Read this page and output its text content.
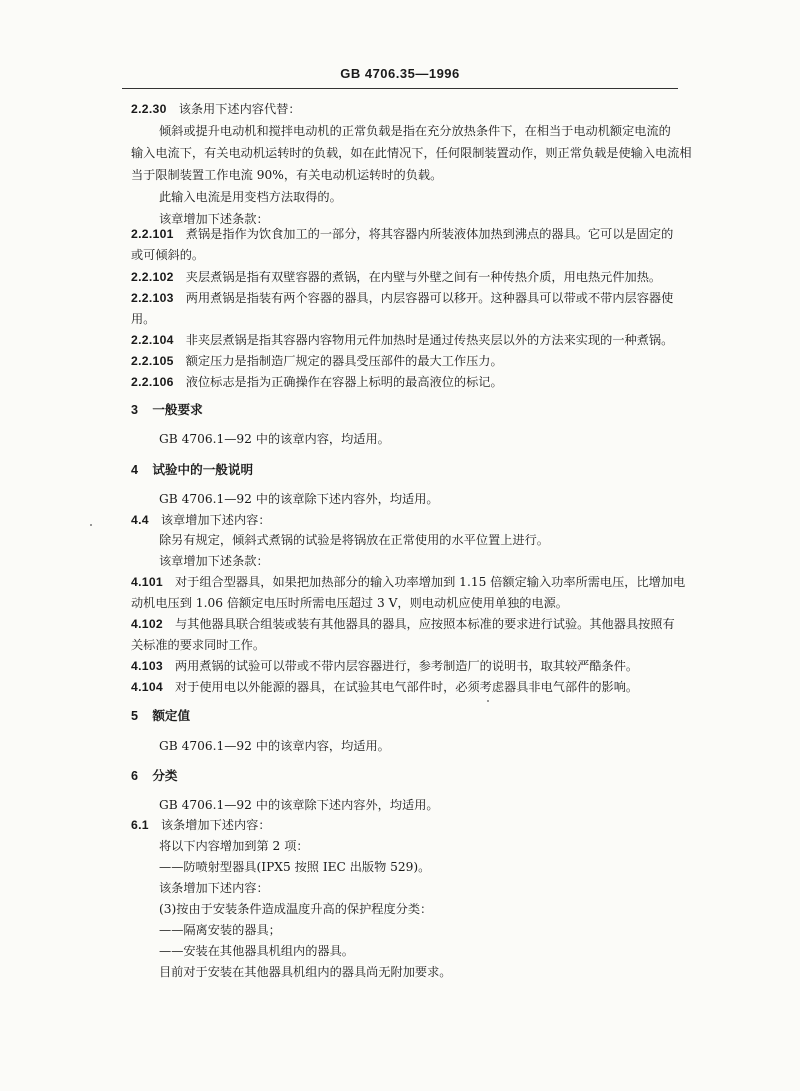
GB 4706.35—1996
2.2.30 该条用下述内容代替：
倾斜或提升电动机和搅拌电动机的正常负载是指在充分放热条件下，在相当于电动机额定电流的
输入电流下，有关电动机运转时的负载，如在此情况下，任何限制装置动作，则正常负载是使输入电流相
当于限制装置工作电流 90%，有关电动机运转时的负载。
此输入电流是用变档方法取得的。
该章增加下述条款：
2.2.101 煮锅是指作为饮食加工的一部分，将其容器内所装液体加热到沸点的器具。它可以是固定的
或可倾斜的。
2.2.102 夹层煮锅是指有双壁容器的煮锅，在内壁与外壁之间有一种传热介质，用电热元件加热。
2.2.103 两用煮锅是指装有两个容器的器具，内层容器可以移开。这种器具可以带或不带内层容器使
用。
2.2.104 非夹层煮锅是指其容器内容物用元件加热时是通过传热夹层以外的方法来实现的一种煮锅。
2.2.105 额定压力是指制造厂规定的器具受压部件的最大工作压力。
2.2.106 液位标志是指为正确操作在容器上标明的最高液位的标记。
3 一般要求
GB 4706.1—92 中的该章内容，均适用。
4 试验中的一般说明
GB 4706.1—92 中的该章除下述内容外，均适用。
4.4 该章增加下述内容：
除另有规定，倾斜式煮锅的试验是将锅放在正常使用的水平位置上进行。
该章增加下述条款：
4.101 对于组合型器具，如果把加热部分的输入功率增加到 1.15 倍额定输入功率所需电压，比增加电
动机电压到 1.06 倍额定电压时所需电压超过 3 V，则电动机应使用单独的电源。
4.102 与其他器具联合组装或装有其他器具的器具，应按照本标准的要求进行试验。其他器具按照有
关标准的要求同时工作。
4.103 两用煮锅的试验可以带或不带内层容器进行，参考制造厂的说明书，取其较严酷条件。
4.104 对于使用电以外能源的器具，在试验其电气部件时，必须考虑器具非电气部件的影响。
5 额定值
GB 4706.1—92 中的该章内容，均适用。
6 分类
GB 4706.1—92 中的该章除下述内容外，均适用。
6.1 该条增加下述内容：
将以下内容增加到第 2 项：
——防喷射型器具(IPX5 按照 IEC 出版物 529)。
该条增加下述内容：
(3)按由于安装条件造成温度升高的保护程度分类：
——隔离安装的器具；
——安装在其他器具机组内的器具。
目前对于安装在其他器具机组内的器具尚无附加要求。
